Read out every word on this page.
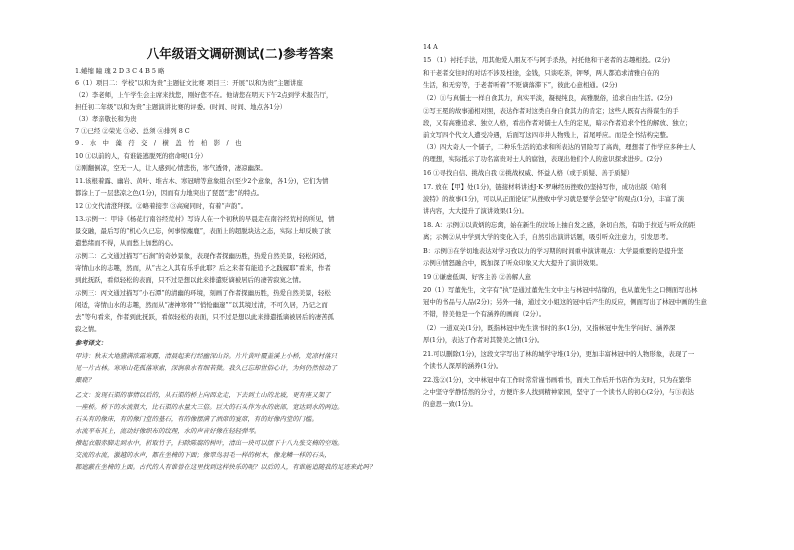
八年级语文调研测试(二)参考答案
1.蜷缩 瞳 瑰 2 D 3 C 4 B 5 略
6（1）项目二：学校“以和为贵”主题征文比赛 项目三：开展“以和为贵”主题讲座
（2）李老师，上午学生会主席来找您，刚好您不在。他请您在明天下午2点到学术报告厅，
担任初二年级“以和为贵”主题演讲比赛的评委。(时间、时间、地点各1分）
（3）孝亲敬长和为贵
7 ①已经 ②荣光 ③必、总须 ④排列 8 C
9. 水 中 藻 荇 交 / 横 盖 竹 柏 影 / 也
10 ①以前的人，有谁能逃脱死的宿命呢(1分）
②刚翻倒凉，空无一人，让人感到心情悲伤，寒气透骨，凄凉幽深。
11.该根着露、幽岩、黄叶、堆古木、寒冠晴等意象组合(至少2个意象，各1分)，它们为情
都涂上了一层悲凉之色(1分)，因而有力地突出了琵琶“悲”的特点。
12 ①文代清澄拜探。②略着接孪 ③高窥同时，有着“声韵”。
13.示例一：甲诗《杨花行南谷经荒村》写诗人在一个初秋的早晨走在南谷经荒村的所见，情
景交融，最后写的“机心久已忘，何事惊麋鹿”，表面上的超脱块达之态，实际上却反映了欲
遣愁绪而不得，从而愁上加愁的心。
示例二：乙文通过描写“石涧”的奇妙景象，表现作者探幽历胜，热爱自然美景，轻松闲适，
寄情山水的志趣，然而，从“古之人其有乐乎此耶？后之来者有能追予之践履耶”看来，作者
到此抚跃，看似轻松的表面，只不过是想以此来排遣贬谪被居后的凄苦寂寞之情。
示例三：丙文通过描写“小石潭”的清幽的环境，刻画了作者探幽历胜，热爱自然美景，轻松
闲适，寄情山水的志趣，然而从“凄神寒骨”“悄怆幽邃”“以其境过清，不可久居，乃记之而
去”等句看来，作者到此抚跃，看似轻松的表面，只不过是想以此来排遣抵谪被居后的凄苦孤
寂之情。
参考译文：
甲诗：秋末大地猎满浓霜寒露，清晨起来行经幽深山谷。片片黄叶覆盖溪上小桥，荒凉村落只
见一片古林。寒寒山花孤落寒索，深涧泉水有细若微。我久已忘却世俗心计，为何仍然惊动了
麋鹿？
乙文：发现石渠的事情以后的，从石渠的桥上向西北走，下去到土山的北坡，更有座又架了
一座桥。桥下的水流很大，比石渠的水量大三倍。巨大的石头作为水的底部，宽达到水的两边。
石头有的像床，有的像门堂的基石，有的像摆满了酒席的宴席，有的好像内堂的门槛。
水流平布其上，流动好像织布的纹理，水的声音好像在轻轻弹琴。
撩起衣服赤脚走到水中，折取竹子，扫除陈腐的树叶，清出一块可以摆下十八九张交椅的空地。
交流的水流，激越的水声，都在坐椅的下面；像翠鸟羽毛一样的树木，像龙鳞一样的石头，
都遮蔽在坐椅的上面。古代的人有谁曾在这里找到这样快乐的呢？以后的人，有谁能追随我的足迹来此吗？
14 A
15 （1）衬托手法，用其他爱人朋友不与阿手杀热，衬托他和干老者的志趣相投。(2分)
和干老者交往时的对话不涉及柱途，金钱，只谈吃茶，钾琴，两人都追求清雅自在的
生活，和无穷等，于老者听着“不贬谪落滞下”，彼此心意相通。(2分)
（2）①与真儒士一样自食其力，真实平淡，凝视纯良，高雅脱俗，追求自由生活。(2分)
②写王冕的故事通相对照，表达作者对这类自身自食其力的肯定；这些人既有古得谋生的手
段，又有高雅追求、独立人格，看出作者对儒士人生的定见，暗示作者追求个性的解放、独立；
前文写四个代文人遭受冷遇，后面写这四市井人物残上，首尾呼应。而是全书结构完整。
（3）四大奇人一个儒子，二种乐生活的追求和所表达的冒险写了高尚，理想者了作学应多种士人
的理想，实际抵示了功名富贵对士人的腐蚀，表现出他们个人的意识探求进步。(2分)
16 ①寻找自信、挑战自我 ②挑战权威、怀益人格（或于质疑、善于质疑）
17. 放在【甲】处(1分)，链接材料讲述J·K·罗琳经历挫败仍坚持写作，成功出版《哈利
波特》的故事(1分)，可以从正面论证“从挫败中学习就是要学会坚守”的观点(1分)，丰富了演
讲内容，大大提升了演讲效果(1分)。
18. A：示例①以黄炳的忘禽，始在新生的泣场上抽自发之感，条切自然，有助于拉近与听众的距
离；示例②从中学到大学的变化入手，自然引出演讲话题，吸引听众注意力，引发思考。
B：示例③在学切地表达对学习孜以力的学习期的时间重申演讲观点：大学最重要的是提升坚
示例④情怒融合中，既加深了听众印象又大大提升了演讲效果。
19 ①谦虚低调、好客主善 ②善解人意
20（1）写董先生，文字有“执”是通过董先生文中主与林冠中结缘的，也从董先生之口侧面写出林
冠中的书品与人品(2分)；另外一轴，通过文小姐这的冠中后产生的反应，侧面写出了林冠中画的生意
不错，替美他是一个有涵养的画商（2分）。
（2）一道双关(1分)，既指林冠中先生读书时的多(1分)，又指林冠中先生学问好、涵养深
厚(1分)，表达了作者对其赞美之情(1分)。
21.可以删除(1分)，这段文字写出了林的城学守堆(1分)，更加丰富林冠中的人物形象，表现了一
个读书人深厚的涵养(1分)。
22.选②(1分)，文中林冠中有工作时常常谨书画看书，面夫工作后开书店作为支时，只为在繁华
之中坚守学静恬然的分寸，方便许多人找到精神家园，坚守了一个读书人的初心(2分)，与③表达
的意思一致(1分)。
